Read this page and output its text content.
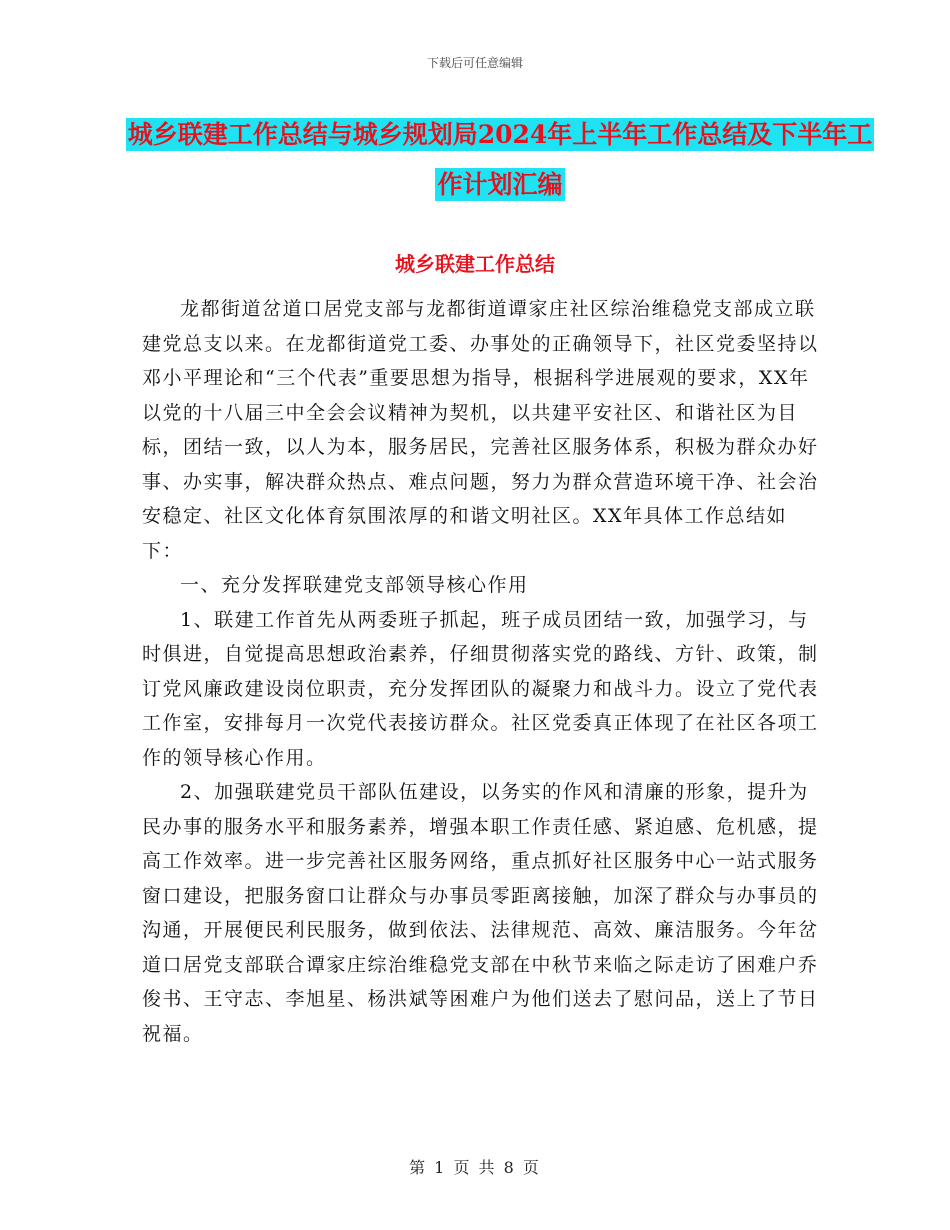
下载后可任意编辑
城乡联建工作总结与城乡规划局2024年上半年工作总结及下半年工作计划汇编
城乡联建工作总结

龙都街道岔道口居党支部与龙都街道谭家庄社区综治维稳党支部成立联建党总支以来。在龙都街道党工委、办事处的正确领导下，社区党委坚持以邓小平理论和“三个代表”重要思想为指导，根据科学进展观的要求，XX年以党的十八届三中全会会议精神为契机，以共建平安社区、和谐社区为目标，团结一致，以人为本，服务居民，完善社区服务体系，积极为群众办好事、办实事，解决群众热点、难点问题，努力为群众营造环境干净、社会治安稳定、社区文化体育氛围浓厚的和谐文明社区。XX年具体工作总结如下：

一、充分发挥联建党支部领导核心作用

1、联建工作首先从两委班子抓起，班子成员团结一致，加强学习，与时俱进，自觉提高思想政治素养，仔细贯彻落实党的路线、方针、政策，制订党风廉政建设岗位职责，充分发挥团队的凝聚力和战斗力。设立了党代表工作室，安排每月一次党代表接访群众。社区党委真正体现了在社区各项工作的领导核心作用。

2、加强联建党员干部队伍建设，以务实的作风和清廉的形象，提升为民办事的服务水平和服务素养，增强本职工作责任感、紧迫感、危机感，提高工作效率。进一步完善社区服务网络，重点抓好社区服务中心一站式服务窗口建设，把服务窗口让群众与办事员零距离接触，加深了群众与办事员的沟通，开展便民利民服务，做到依法、法律规范、高效、廉洁服务。今年岔道口居党支部联合谭家庄综治维稳党支部在中秋节来临之际走访了困难户乔俊书、王守志、李旭星、杨洪斌等困难户为他们送去了慰问品，送上了节日祝福。

第 1 页 共 8 页
